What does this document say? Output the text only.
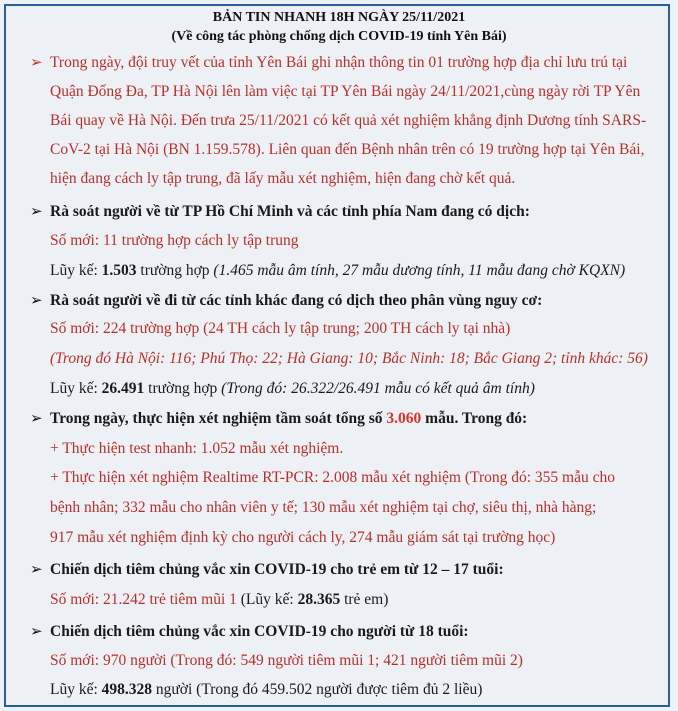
BẢN TIN NHANH 18H NGÀY 25/11/2021
(Về công tác phòng chống dịch COVID-19 tỉnh Yên Bái)
➢ Trong ngày, đội truy vết của tỉnh Yên Bái ghi nhận thông tin 01 trường hợp địa chỉ lưu trú tại
Quận Đống Đa, TP Hà Nội lên làm việc tại TP Yên Bái ngày 24/11/2021,cùng ngày rời TP Yên
Bái quay về Hà Nội. Đến trưa 25/11/2021 có kết quả xét nghiệm khẳng định Dương tính SARS-
CoV-2 tại Hà Nội (BN 1.159.578). Liên quan đến Bệnh nhân trên có 19 trường hợp tại Yên Bái,
hiện đang cách ly tập trung, đã lấy mẫu xét nghiệm, hiện đang chờ kết quả.
➢ Rà soát người về từ TP Hồ Chí Minh và các tỉnh phía Nam đang có dịch:
Số mới: 11 trường hợp cách ly tập trung
Lũy kế: 1.503 trường hợp (1.465 mẫu âm tính, 27 mẫu dương tính, 11 mẫu đang chờ KQXN)
➢ Rà soát người về đi từ các tỉnh khác đang có dịch theo phân vùng nguy cơ:
Số mới: 224 trường hợp (24 TH cách ly tập trung; 200 TH cách ly tại nhà)
(Trong đó Hà Nội: 116; Phú Thọ: 22; Hà Giang: 10; Bắc Ninh: 18; Bắc Giang 2; tỉnh khác: 56)
Lũy kế: 26.491 trường hợp (Trong đó: 26.322/26.491 mẫu có kết quả âm tính)
➢ Trong ngày, thực hiện xét nghiệm tầm soát tổng số 3.060 mẫu. Trong đó:
+ Thực hiện test nhanh: 1.052 mẫu xét nghiệm.
+ Thực hiện xét nghiệm Realtime RT-PCR: 2.008 mẫu xét nghiệm (Trong đó: 355 mẫu cho
bệnh nhân; 332 mẫu cho nhân viên y tế; 130 mẫu xét nghiệm tại chợ, siêu thị, nhà hàng;
917 mẫu xét nghiệm định kỳ cho người cách ly, 274 mẫu giám sát tại trường học)
➢ Chiến dịch tiêm chủng vắc xin COVID-19 cho trẻ em từ 12 – 17 tuổi:
Số mới: 21.242 trẻ tiêm mũi 1 (Lũy kế: 28.365 trẻ em)
➢ Chiến dịch tiêm chủng vắc xin COVID-19 cho người từ 18 tuổi:
Số mới: 970 người (Trong đó: 549 người tiêm mũi 1; 421 người tiêm mũi 2)
Lũy kế: 498.328 người (Trong đó 459.502 người được tiêm đủ 2 liều)
